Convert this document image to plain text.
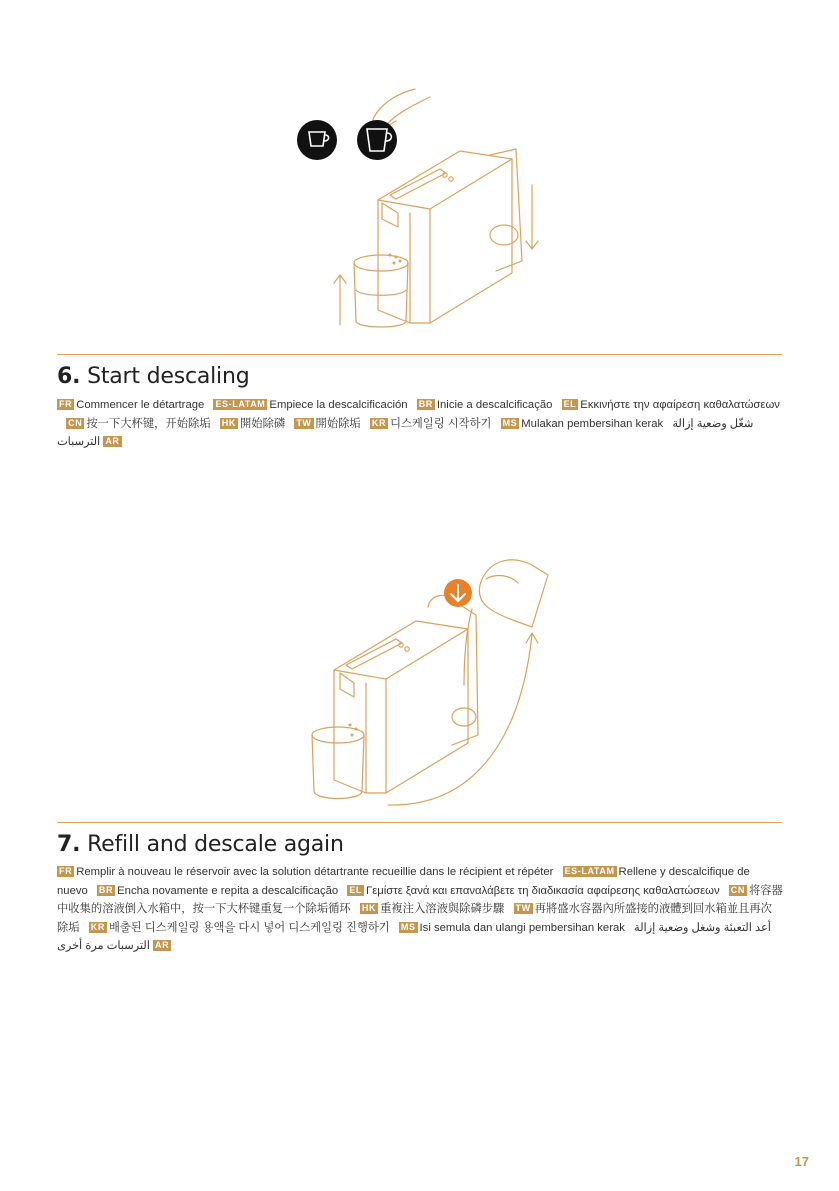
6. Start descaling

FR Commencer le détartrage ES-LATAM Empiece la descalcificación BR Inicie a descalcificação EL Εκκινήστε την αφαίρεση καθαλατώσεων CN 按一下大杯键，开始除垢 HK 開始除磷 TW 開始除垢 KR 디스케일링 시작하기 MS Mulakan pembersihan kerak شغّل وضعية إزالة الترسبات AR

7. Refill and descale again

FR Remplir à nouveau le réservoir avec la solution détartrante recueillie dans le récipient et répéter ES-LATAM Rellene y descalcifique de nuevo BR Encha novamente e repita a descalcificação EL Γεμίστε ξανά και επαναλάβετε τη διαδικασία αφαίρεσης καθαλατώσεων CN 将容器中收集的溶液倒入水箱中，按一下大杯键重复一个除垢循环 HK 重複注入溶液與除磷步驟 TW 再將盛水容器內所盛接的液體到回水箱並且再次除垢 KR 배출된 디스케일링 용액을 다시 넣어 디스케일링 진행하기 MS Isi semula dan ulangi pembersihan kerak أعد التعبئة وشغل وضعية إزالة الترسبات مرة أخرى AR

17
